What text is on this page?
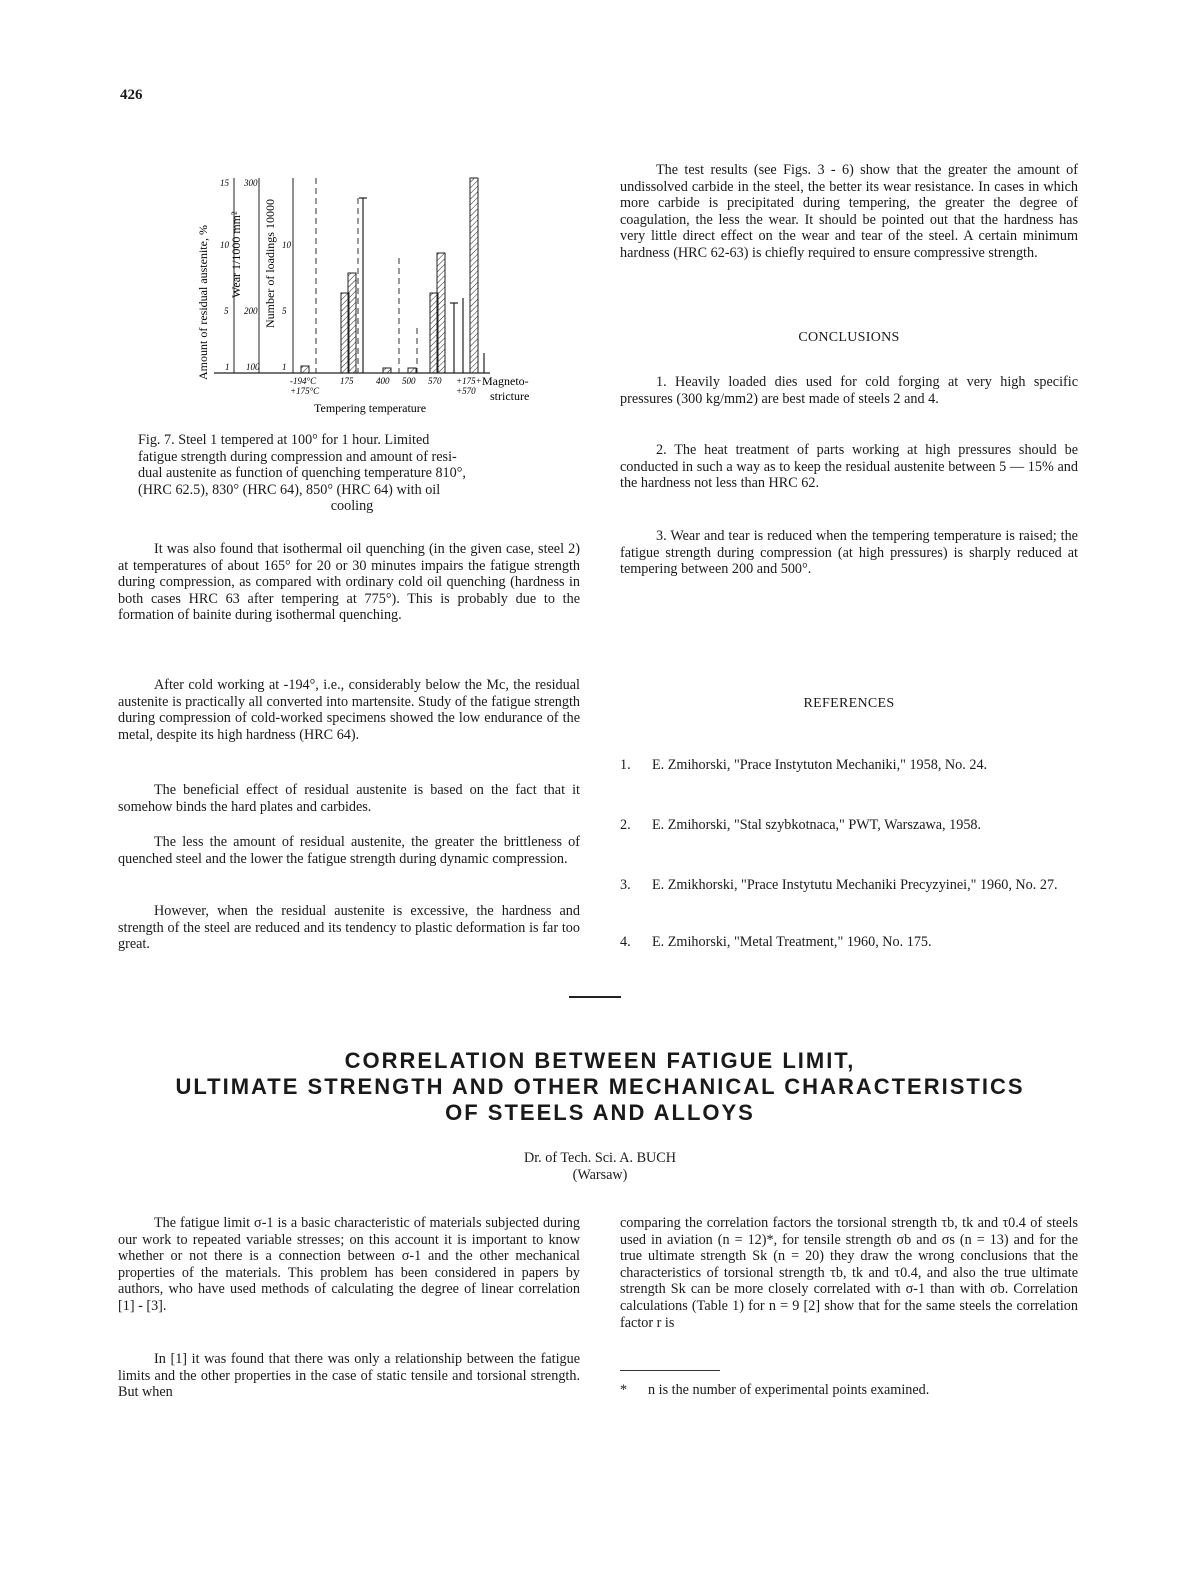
426
Amount of residual austenite, % Wear 1/1000 mm² Number of loadings 10000
15
10
5
1
300
200
100
10
5
1
-194°C
+175°C
175	400 500 570 +175+
+570
Magneto-
stricture
Tempering temperature
Fig. 7. Steel 1 tempered at 100° for 1 hour. Limited
fatigue strength during compression and amount of resi-
dual austenite as function of quenching temperature 810°,
(HRC 62.5), 830° (HRC 64), 850° (HRC 64) with oil
cooling

It was also found that isothermal oil quenching (in the given case, steel 2) at temperatures of about 165° for 20 or 30 minutes impairs the fatigue strength during compression, as compared with ordinary cold oil quenching (hardness in both cases HRC 63 after tempering at 775°). This is probably due to the formation of bainite during isothermal quenching.

After cold working at -194°, i.e., considerably below the Mc, the residual austenite is practically all converted into martensite. Study of the fatigue strength during compression of cold-worked specimens showed the low endurance of the metal, despite its high hardness (HRC 64).

The beneficial effect of residual austenite is based on the fact that it somehow binds the hard plates and carbides.

The less the amount of residual austenite, the greater the brittleness of quenched steel and the lower the fatigue strength during dynamic compression.

However, when the residual austenite is excessive, the hardness and strength of the steel are reduced and its tendency to plastic deformation is far too great.

The test results (see Figs. 3 - 6) show that the greater the amount of undissolved carbide in the steel, the better its wear resistance. In cases in which more carbide is precipitated during tempering, the greater the degree of coagulation, the less the wear. It should be pointed out that the hardness has very little direct effect on the wear and tear of the steel. A certain minimum hardness (HRC 62-63) is chiefly required to ensure compressive strength.

CONCLUSIONS

1. Heavily loaded dies used for cold forging at very high specific pressures (300 kg/mm2) are best made of steels 2 and 4.

2. The heat treatment of parts working at high pressures should be conducted in such a way as to keep the residual austenite between 5 — 15% and the hardness not less than HRC 62.

3. Wear and tear is reduced when the tempering temperature is raised; the fatigue strength during compression (at high pressures) is sharply reduced at tempering between 200 and 500°.

REFERENCES
1. E. Zmihorski, "Prace Instytuton Mechaniki," 1958, No. 24.
2. E. Zmihorski, "Stal szybkotnaca," PWT, Warszawa, 1958.
3. E. Zmikhorski, "Prace Instytutu Mechaniki Precyzyinei," 1960, No. 27.
4. E. Zmihorski, "Metal Treatment," 1960, No. 175.
CORRELATION BETWEEN FATIGUE LIMIT,
ULTIMATE STRENGTH AND OTHER MECHANICAL CHARACTERISTICS
OF STEELS AND ALLOYS
Dr. of Tech. Sci. A. BUCH
(Warsaw)

The fatigue limit σ-1 is a basic characteristic of materials subjected during our work to repeated variable stresses; on this account it is important to know whether or not there is a connection between σ-1 and the other mechanical properties of the materials. This problem has been considered in papers by authors, who have used methods of calculating the degree of linear correlation [1] - [3].

In [1] it was found that there was only a relationship between the fatigue limits and the other properties in the case of static tensile and torsional strength. But when

comparing the correlation factors the torsional strength τb, tk and τ0.4 of steels used in aviation (n = 12)*, for tensile strength σb and σs (n = 13) and for the true ultimate strength Sk (n = 20) they draw the wrong conclusions that the characteristics of torsional strength τb, tk and τ0.4, and also the true ultimate strength Sk can be more closely correlated with σ-1 than with σb. Correlation calculations (Table 1) for n = 9 [2] show that for the same steels the correlation factor r is

* n is the number of experimental points examined.
